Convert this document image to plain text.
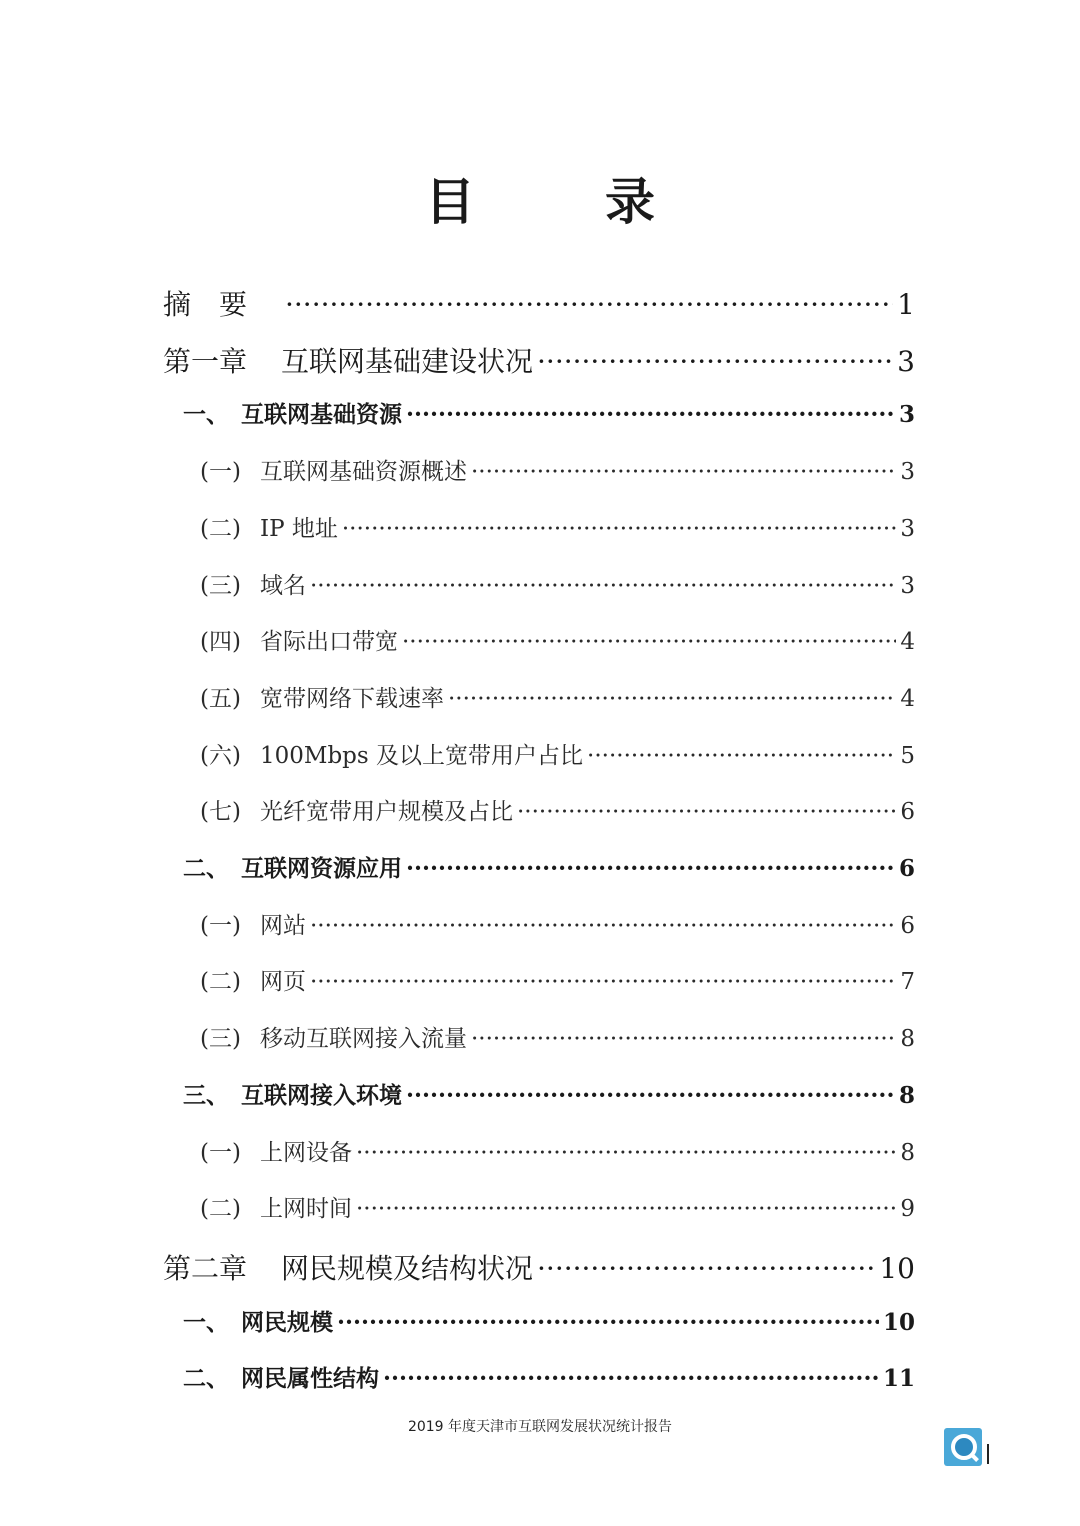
目　录
摘　要 ·····	1
第一章	互联网基础建设状况 ·····	3
一、 互联网基础资源 ·····	3
(一) 互联网基础资源概述 ·····	3
(二) IP 地址 ·····	3
(三) 域名 ·····	3
(四) 省际出口带宽 ·····	4
(五) 宽带网络下载速率 ·····	4
(六) 100Mbps 及以上宽带用户占比 ·····	5
(七) 光纤宽带用户规模及占比 ·····	6
二、 互联网资源应用 ·····	6
(一) 网站 ·····	6
(二) 网页 ·····	7
(三) 移动互联网接入流量 ·····	8
三、 互联网接入环境 ·····	8
(一) 上网设备 ·····	8
(二) 上网时间 ·····	9
第二章	网民规模及结构状况 ·····	10
一、 网民规模 ·····	10
二、 网民属性结构 ·····	11
2019 年度天津市互联网发展状况统计报告
